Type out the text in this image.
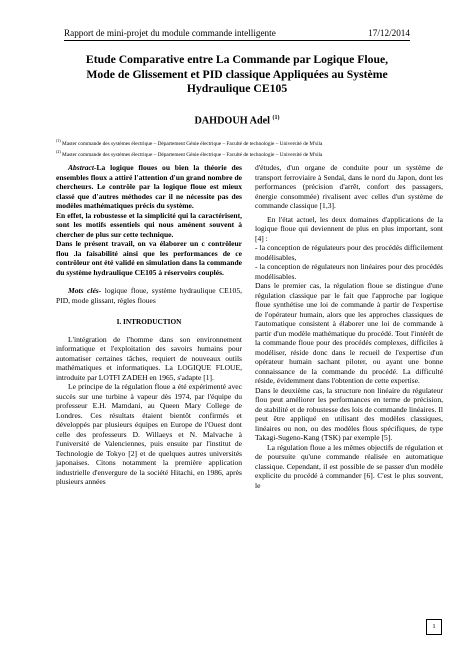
Rapport de mini-projet du module commande intelligente	17/12/2014
Etude Comparative entre La Commande par Logique Floue,
Mode de Glissement et PID classique Appliquées au Système
Hydraulique CE105
DAHDOUH Adel $^{(1)}$
$^{(1)}$ Master commande des systèmes électrique – Département Génie électrique – Faculté de technologie – Université de M'sila
$^{(2)}$ Master commande des systèmes électrique – Département Génie électrique – Faculté de technologie – Université de M'sila

Abstract-La logique floues ou bien la théorie des ensembles floux a attiré l'attention d'un grand nombre de chercheurs. Le contrôle par la logique floue est mieux classé que d'autres méthodes car il ne nécessite pas des modèles mathématiques précis du système.

En effet, la robustesse et la simplicité qui la caractérisent, sont les motifs essentiels qui nous aménent souvent à chercher de plus sur cette technique.

Dans le présent travail, on va élaborer un c contrôleur flou .la faisabilité ainsi que les performances de ce contrôleur ont été validé en simulation dans la commande du système hydraulique CE105 à réservoirs couplés.

Mots clés- logique floue, système hydraulique CE105, PID, mode glissant, règles floues

I. INTRODUCTION

L'intégration de l'homme dans son environnement informatique et l'exploitation des savoirs humains pour automatiser certaines tâches, requiert de nouveaux outils mathématiques et informatiques. La LOGIQUE FLOUE, introduite par LOTFI ZADEH en 1965, s'adapte [1].

Le principe de la régulation floue a été expérimenté avec succès sur une turbine à vapeur dès 1974, par l'équipe du professeur E.H. Mamdani, au Queen Mary College de Londres. Ces résultats étaient bientôt confirmés et développés par plusieurs équipes en Europe de l'Ouest dont celle des professeurs D. Willaeys et N. Malvache à l'université de Valenciennes, puis ensuite par l'institut de Technologie de Tokyo [2] et de quelques autres universités japonaises. Citons notamment la première application industrielle d'envergure de la société Hitachi, en 1986, après plusieurs années

d'études, d'un organe de conduite pour un système de transport ferroviaire à Sendaï, dans le nord du Japon, dont les performances (précision d'arrêt, confort des passagers, énergie consommée) rivalisent avec celles d'un système de commande classique [1,3].

En l'état actuel, les deux domaines d'applications de la logique floue qui deviennent de plus en plus important, sont [4] :

- la conception de régulateurs pour des procédés difficilement modélisables,

- la conception de régulateurs non linéaires pour des procédés modélisables.

Dans le premier cas, la régulation floue se distingue d'une régulation classique par le fait que l'approche par logique floue synthétise une loi de commande à partir de l'expertise de l'opérateur humain, alors que les approches classiques de l'automatique consistent à élaborer une loi de commande à partir d'un modèle mathématique du procédé. Tout l'intérêt de la commande floue pour des procédés complexes, difficiles à modéliser, réside donc dans le recueil de l'expertise d'un opérateur humain sachant piloter, ou ayant une bonne connaissance de la commande du procédé. La difficulté réside, évidemment dans l'obtention de cette expertise.

Dans le deuxième cas, la structure non linéaire du régulateur flou peut améliorer les performances en terme de précision, de stabilité et de robustesse des lois de commande linéaires. Il peut être appliqué en utilisant des modèles classiques, linéaires ou non, ou des modèles flous spécifiques, de type Takagi-Sugeno-Kang (TSK) par exemple [5].

La régulation floue a les mêmes objectifs de régulation et de poursuite qu'une commande réalisée en automatique classique. Cependant, il est possible de se passer d'un modèle explicite du procédé à commander [6]. C'est le plus souvent, le

1
